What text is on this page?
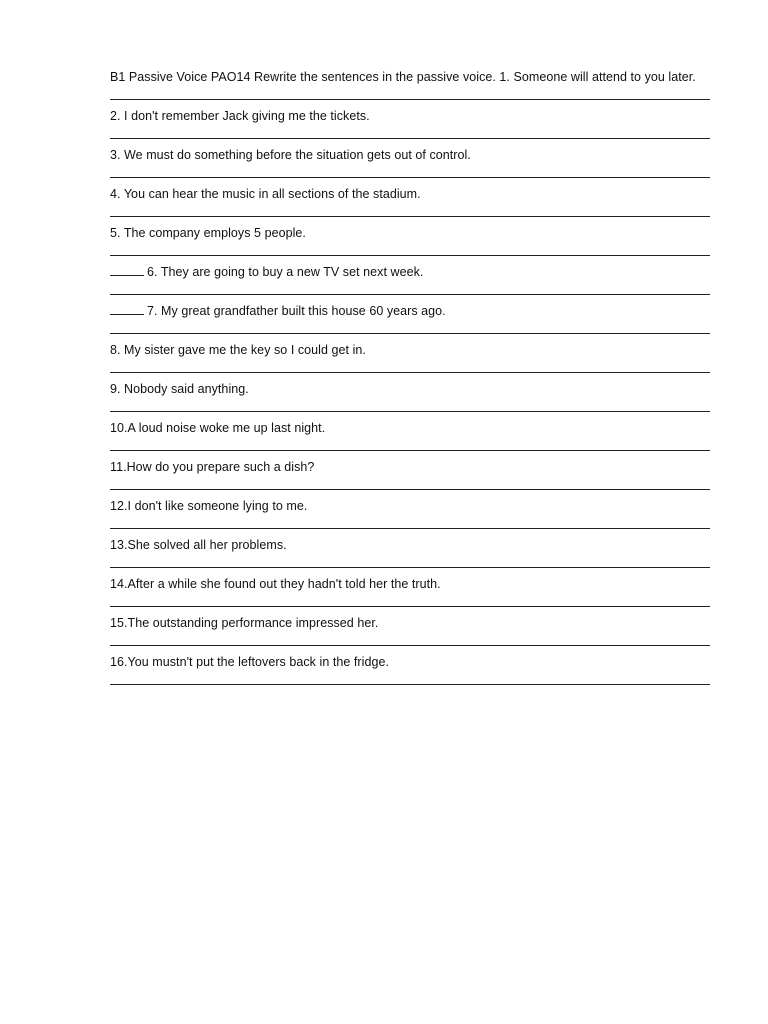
B1 Passive Voice PAO14 Rewrite the sentences in the passive voice. 1. Someone will attend to you later.
2. I don't remember Jack giving me the tickets.
3. We must do something before the situation gets out of control.
4. You can hear the music in all sections of the stadium.
5. The company employs 5 people.
6. They are going to buy a new TV set next week.
7. My great grandfather built this house 60 years ago.
8. My sister gave me the key so I could get in.
9. Nobody said anything.
10.A loud noise woke me up last night.
11.How do you prepare such a dish?
12.I don't like someone lying to me.
13.She solved all her problems.
14.After a while she found out they hadn't told her the truth.
15.The outstanding performance impressed her.
16.You mustn't put the leftovers back in the fridge.
